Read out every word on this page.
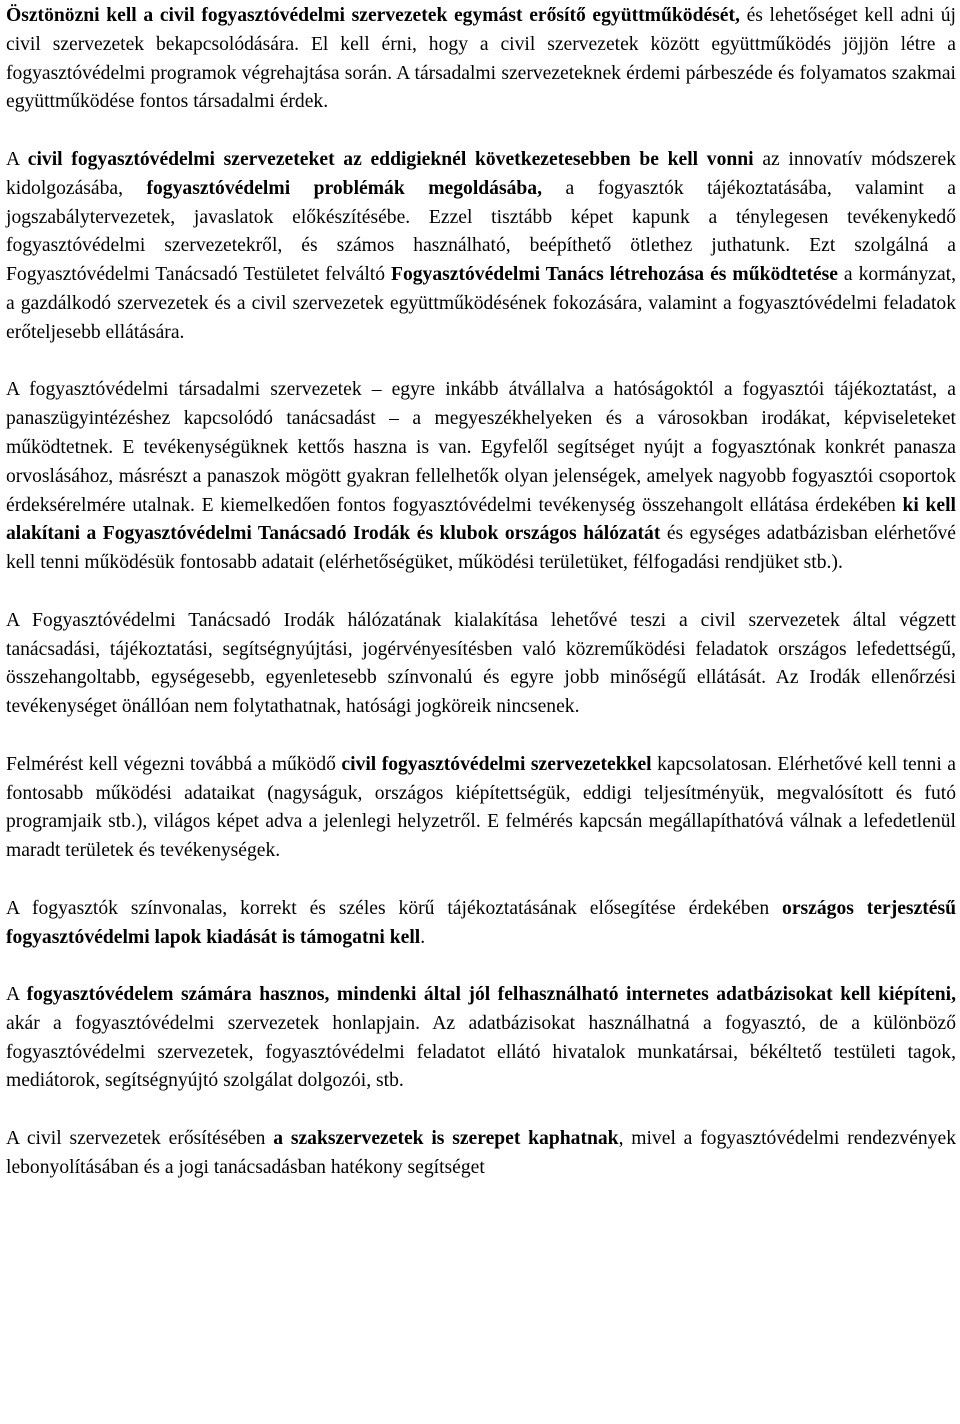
Ösztönözni kell a civil fogyasztóvédelmi szervezetek egymást erősítő együttműködését, és lehetőséget kell adni új civil szervezetek bekapcsolódására. El kell érni, hogy a civil szervezetek között együttműködés jöjjön létre a fogyasztóvédelmi programok végrehajtása során. A társadalmi szervezeteknek érdemi párbeszéde és folyamatos szakmai együttműködése fontos társadalmi érdek.

A civil fogyasztóvédelmi szervezeteket az eddigieknél következetesebben be kell vonni az innovatív módszerek kidolgozásába, fogyasztóvédelmi problémák megoldásába, a fogyasztók tájékoztatásába, valamint a jogszabálytervezetek, javaslatok előkészítésébe. Ezzel tisztább képet kapunk a ténylegesen tevékenykedő fogyasztóvédelmi szervezetekről, és számos használható, beépíthető ötlethez juthatunk. Ezt szolgálná a Fogyasztóvédelmi Tanácsadó Testületet felváltó Fogyasztóvédelmi Tanács létrehozása és működtetése a kormányzat, a gazdálkodó szervezetek és a civil szervezetek együttműködésének fokozására, valamint a fogyasztóvédelmi feladatok erőteljesebb ellátására.

A fogyasztóvédelmi társadalmi szervezetek – egyre inkább átvállalva a hatóságoktól a fogyasztói tájékoztatást, a panaszügyintézéshez kapcsolódó tanácsadást – a megyeszékhelyeken és a városokban irodákat, képviseleteket működtetnek. E tevékenységüknek kettős haszna is van. Egyfelől segítséget nyújt a fogyasztónak konkrét panasza orvoslásához, másrészt a panaszok mögött gyakran fellelhetők olyan jelenségek, amelyek nagyobb fogyasztói csoportok érdeksérelmére utalnak. E kiemelkedően fontos fogyasztóvédelmi tevékenység összehangolt ellátása érdekében ki kell alakítani a Fogyasztóvédelmi Tanácsadó Irodák és klubok országos hálózatát és egységes adatbázisban elérhetővé kell tenni működésük fontosabb adatait (elérhetőségüket, működési területüket, félfogadási rendjüket stb.).

A Fogyasztóvédelmi Tanácsadó Irodák hálózatának kialakítása lehetővé teszi a civil szervezetek által végzett tanácsadási, tájékoztatási, segítségnyújtási, jogérvényesítésben való közreműködési feladatok országos lefedettségű, összehangoltabb, egységesebb, egyenletesebb színvonalú és egyre jobb minőségű ellátását. Az Irodák ellenőrzési tevékenységet önállóan nem folytathatnak, hatósági jogköreik nincsenek.

Felmérést kell végezni továbbá a működő civil fogyasztóvédelmi szervezetekkel kapcsolatosan. Elérhetővé kell tenni a fontosabb működési adataikat (nagyságuk, országos kiépítettségük, eddigi teljesítményük, megvalósított és futó programjaik stb.), világos képet adva a jelenlegi helyzetről. E felmérés kapcsán megállapíthatóvá válnak a lefedetlenül maradt területek és tevékenységek.

A fogyasztók színvonalas, korrekt és széles körű tájékoztatásának elősegítése érdekében országos terjesztésű fogyasztóvédelmi lapok kiadását is támogatni kell.

A fogyasztóvédelem számára hasznos, mindenki által jól felhasználható internetes adatbázisokat kell kiépíteni, akár a fogyasztóvédelmi szervezetek honlapjain. Az adatbázisokat használhatná a fogyasztó, de a különböző fogyasztóvédelmi szervezetek, fogyasztóvédelmi feladatot ellátó hivatalok munkatársai, békéltető testületi tagok, mediátorok, segítségnyújtó szolgálat dolgozói, stb.

A civil szervezetek erősítésében a szakszervezetek is szerepet kaphatnak, mivel a fogyasztóvédelmi rendezvények lebonyolításában és a jogi tanácsadásban hatékony segítséget
